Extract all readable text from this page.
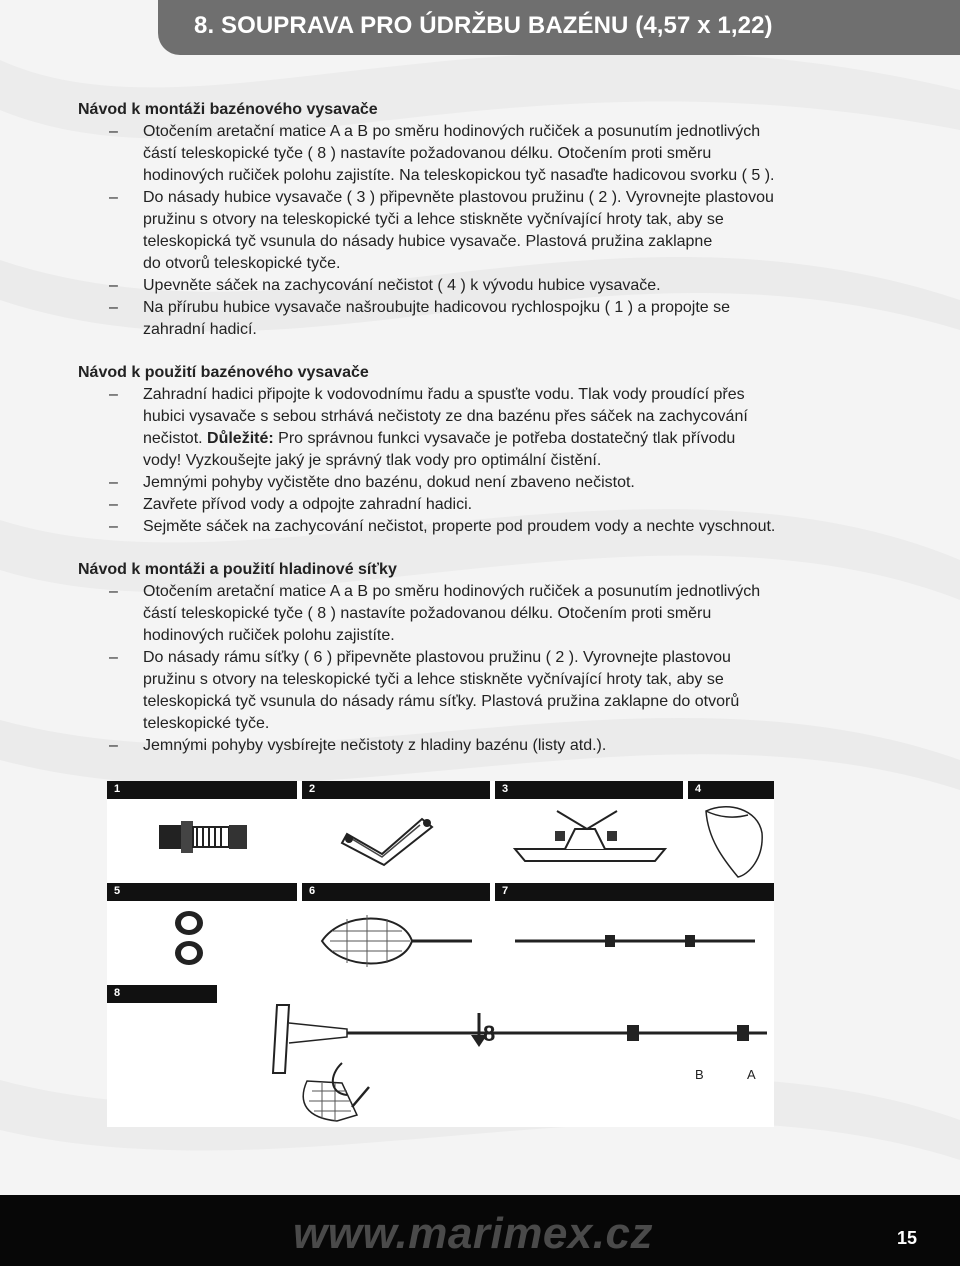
8. SOUPRAVA PRO ÚDRŽBU BAZÉNU (4,57 x 1,22)
Návod k montáži bazénového vysavače
– Otočením aretační matice A a B po směru hodinových ručiček a posunutím jednotlivých
částí teleskopické tyče ( 8 ) nastavíte požadovanou délku. Otočením proti směru
hodinových ručiček polohu zajistíte. Na teleskopickou tyč nasaďte hadicovou svorku ( 5 ).
– Do násady hubice vysavače ( 3 ) připevněte plastovou pružinu ( 2 ). Vyrovnejte plastovou
pružinu s otvory na teleskopické tyči a lehce stiskněte vyčnívající hroty tak, aby se
teleskopická tyč vsunula do násady hubice vysavače. Plastová pružina zaklapne
do otvorů teleskopické tyče.
– Upevněte sáček na zachycování nečistot ( 4 ) k vývodu hubice vysavače.
– Na přírubu hubice vysavače našroubujte hadicovou rychlospojku ( 1 ) a propojte se
zahradní hadicí.
Návod k použití bazénového vysavače
– Zahradní hadici připojte k vodovodnímu řadu a spusťte vodu. Tlak vody proudící přes
hubici vysavače s sebou strhává nečistoty ze dna bazénu přes sáček na zachycování
nečistot. Důležité: Pro správnou funkci vysavače je potřeba dostatečný tlak přívodu
vody! Vyzkoušejte jaký je správný tlak vody pro optimální čistění.
– Jemnými pohyby vyčistěte dno bazénu, dokud není zbaveno nečistot.
– Zavřete přívod vody a odpojte zahradní hadici.
– Sejměte sáček na zachycování nečistot, properte pod proudem vody a nechte vyschnout.
Návod k montáži a použití hladinové síťky
– Otočením aretační matice A a B po směru hodinových ručiček a posunutím jednotlivých
částí teleskopické tyče ( 8 ) nastavíte požadovanou délku. Otočením proti směru
hodinových ručiček polohu zajistíte.
– Do násady rámu síťky ( 6 ) připevněte plastovou pružinu ( 2 ). Vyrovnejte plastovou
pružinu s otvory na teleskopické tyči a lehce stiskněte vyčnívající hroty tak, aby se
teleskopická tyč vsunula do násady rámu síťky. Plastová pružina zaklapne do otvorů
teleskopické tyče.
– Jemnými pohyby vysbírejte nečistoty z hladiny bazénu (listy atd.).
1	2	3	4
5	6	7
8
8
B	A
www.marimex.cz	15
